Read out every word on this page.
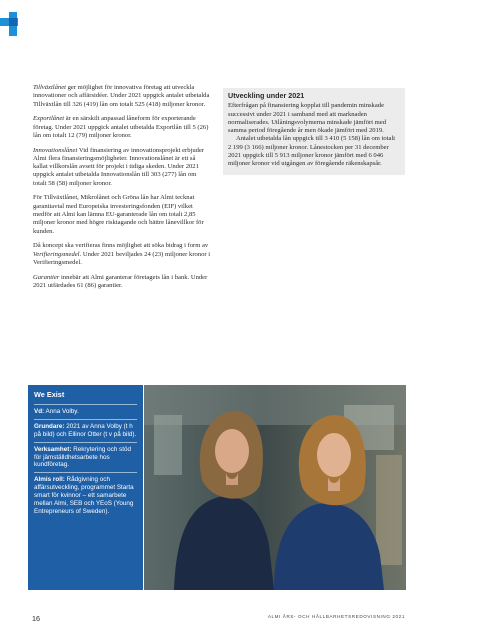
Tillväxtlånet ger möjlighet för innovativa företag att utveckla innovationer och affärsidéer. Under 2021 uppgick antalet utbetalda Tillväxtlån till 326 (419) lån om totalt 525 (418) miljoner kronor.

Exportlånet är en särskilt anpassad låneform för exporterande företag. Under 2021 uppgick antalet utbetalda Exportlån till 5 (26) lån om totalt 12 (79) miljoner kronor.

Innovationslånet Vid finansiering av innovationsprojekt erbjuder Almi flera finansieringsmöjligheter. Innovationslånet är ett så kallat villkorslån avsett för projekt i tidiga skeden. Under 2021 uppgick antalet utbetalda Innovationslån till 303 (277) lån om totalt 58 (58) miljoner kronor.

För Tillväxtlånet, Mikrolånet och Gröna lån har Almi tecknat garantiavtal med Europeiska investeringsfonden (EIF) vilket medför att Almi kan lämna EU-garanterade lån om totalt 2,85 miljoner kronor med högre risktagande och bättre lånevillkor för kunden.

Då koncept ska verifieras finns möjlighet att söka bidrag i form av Verifieringsmedel. Under 2021 beviljades 24 (23) miljoner kronor i Verifieringsmedel.

Garantier innebär att Almi garanterar företagets lån i bank. Under 2021 utfärdades 61 (86) garantier.

Utveckling under 2021

Efterfrågan på finansiering kopplat till pandemin minskade successivt under 2021 i samband med att marknaden normaliserades. Utlåningsvolymerna minskade jämfört med samma period föregående år men ökade jämfört med 2019.

Antalet utbetalda lån uppgick till 3 410 (5 158) lån om totalt 2 199 (3 166) miljoner kronor. Lånestocken per 31 december 2021 uppgick till 5 913 miljoner kronor jämfört med 6 046 miljoner kronor vid utgången av föregående räkenskapsår.

We Exist

Vd: Anna Volby.

Grundare: 2021 av Anna Volby (t h på bild) och Ellinor Otter (t v på bild).

Verksamhet: Rekrytering och stöd för jämställdhetsarbete hos kundföretag.

Almis roll: Rådgivning och affärsutveckling, programmet Starta smart för kvinnor – ett samarbete mellan Almi, SEB och YEoS (Young Entrepreneurs of Sweden).

16	ALMI ÅRS- OCH HÅLLBARHETSREDOVISNING 2021
